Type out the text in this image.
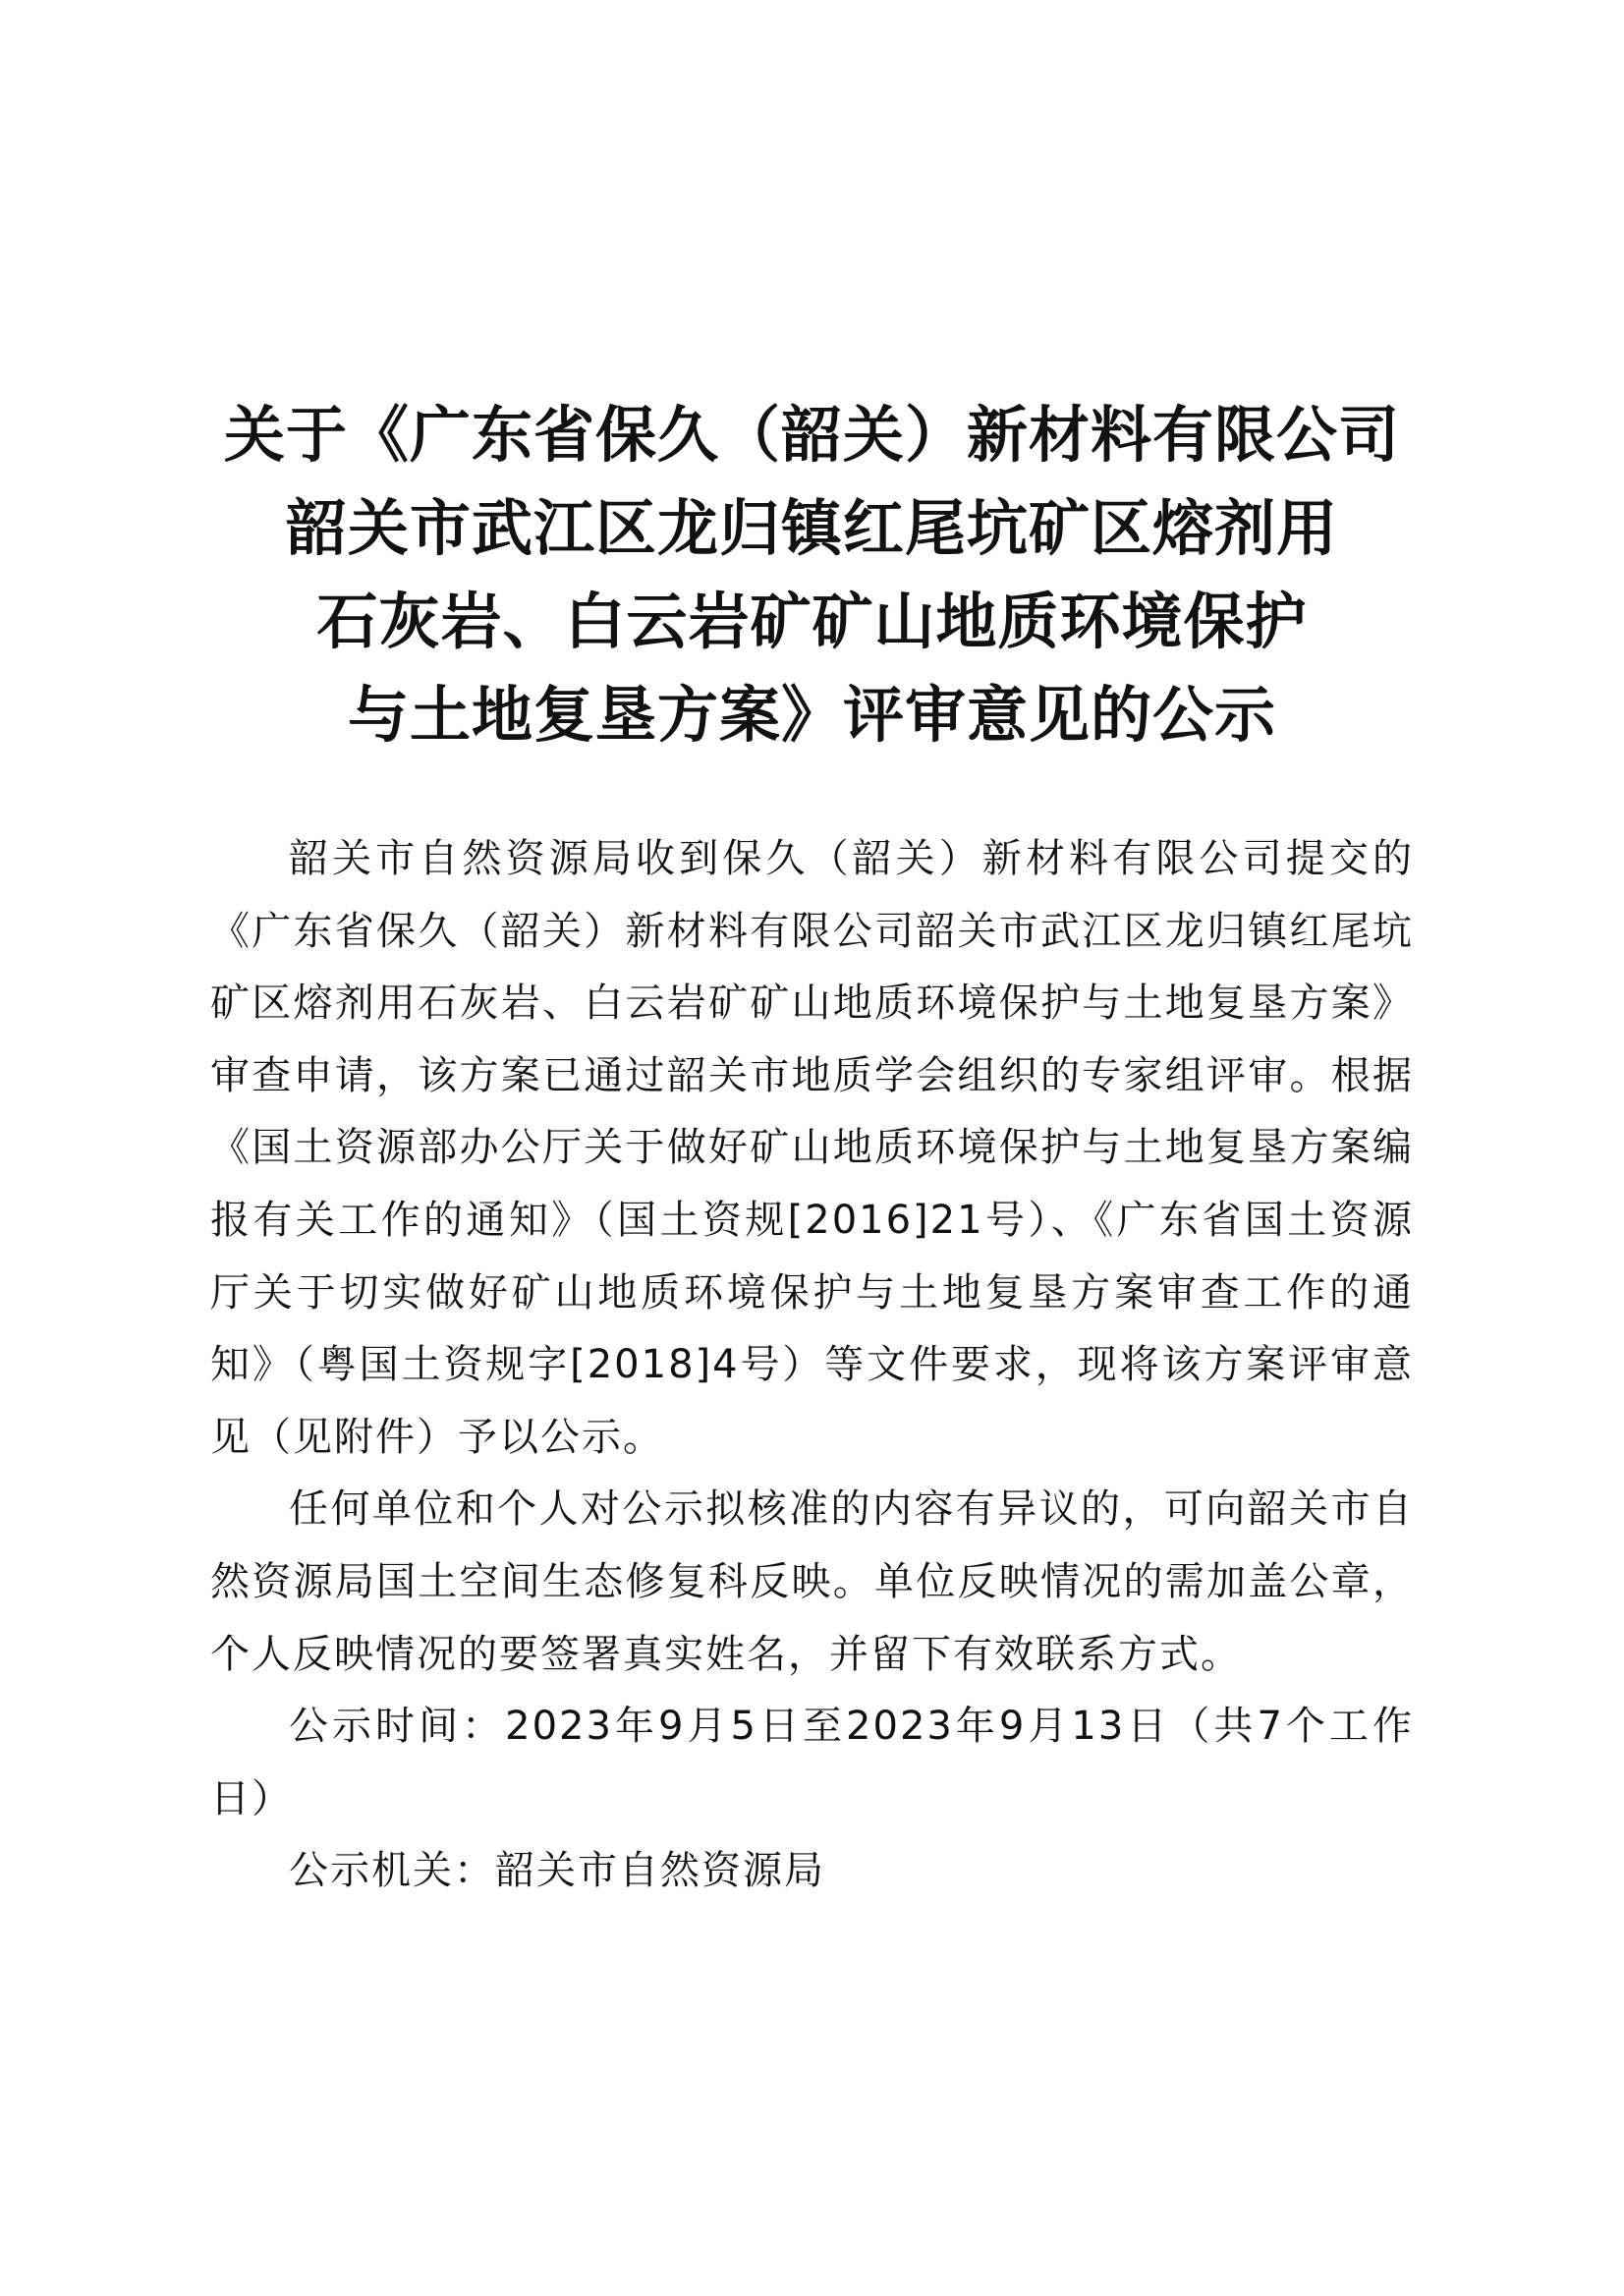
关于《广东省保久（韶关）新材料有限公司
韶关市武江区龙归镇红尾坑矿区熔剂用
石灰岩、白云岩矿矿山地质环境保护
与土地复垦方案》评审意见的公示

韶关市自然资源局收到保久（韶关）新材料有限公司提交的《广东省保久（韶关）新材料有限公司韶关市武江区龙归镇红尾坑矿区熔剂用石灰岩、白云岩矿矿山地质环境保护与土地复垦方案》审查申请，该方案已通过韶关市地质学会组织的专家组评审。根据《国土资源部办公厅关于做好矿山地质环境保护与土地复垦方案编报有关工作的通知》（国土资规[2016]21号）、《广东省国土资源厅关于切实做好矿山地质环境保护与土地复垦方案审查工作的通知》（粤国土资规字[2018]4号）等文件要求，现将该方案评审意见（见附件）予以公示。

任何单位和个人对公示拟核准的内容有异议的，可向韶关市自然资源局国土空间生态修复科反映。单位反映情况的需加盖公章，个人反映情况的要签署真实姓名，并留下有效联系方式。

公示时间：2023年9月5日至2023年9月13日（共7个工作日）

公示机关：韶关市自然资源局
